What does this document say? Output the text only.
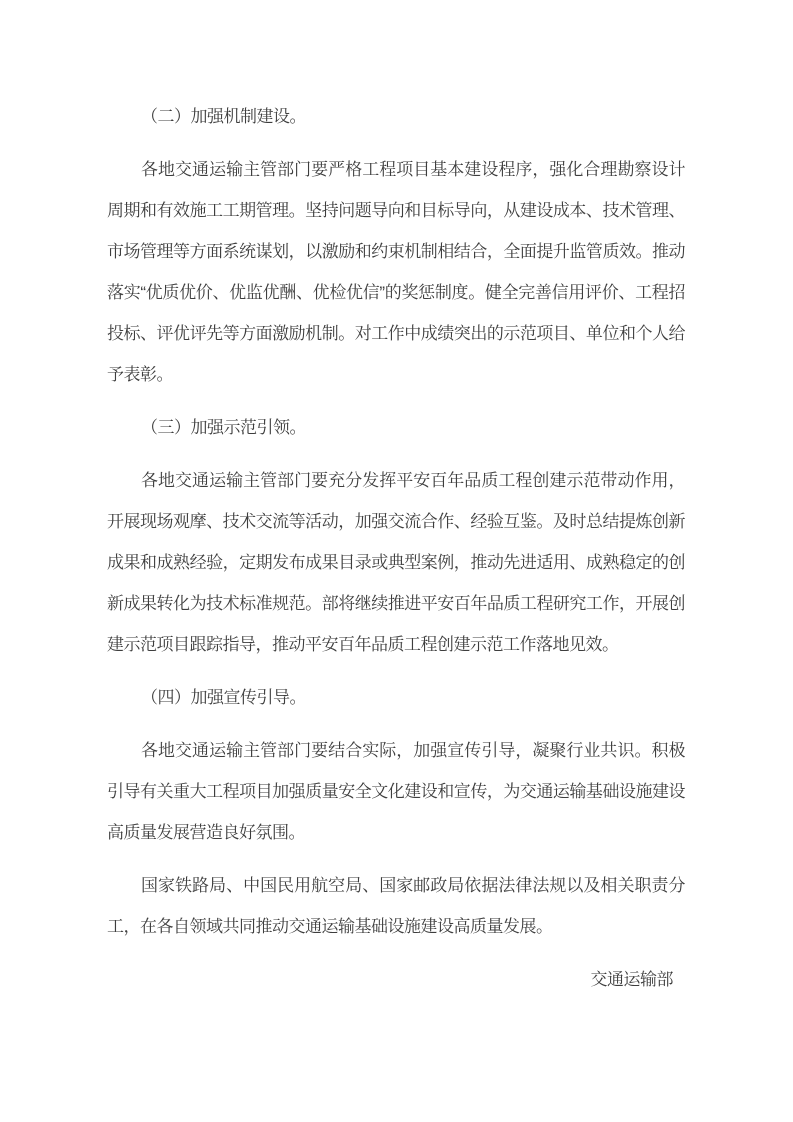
（二）加强机制建设。

各地交通运输主管部门要严格工程项目基本建设程序，强化合理勘察设计周期和有效施工工期管理。坚持问题导向和目标导向，从建设成本、技术管理、市场管理等方面系统谋划，以激励和约束机制相结合，全面提升监管质效。推动落实“优质优价、优监优酬、优检优信”的奖惩制度。健全完善信用评价、工程招投标、评优评先等方面激励机制。对工作中成绩突出的示范项目、单位和个人给予表彰。

（三）加强示范引领。

各地交通运输主管部门要充分发挥平安百年品质工程创建示范带动作用，开展现场观摩、技术交流等活动，加强交流合作、经验互鉴。及时总结提炼创新成果和成熟经验，定期发布成果目录或典型案例，推动先进适用、成熟稳定的创新成果转化为技术标准规范。部将继续推进平安百年品质工程研究工作，开展创建示范项目跟踪指导，推动平安百年品质工程创建示范工作落地见效。

（四）加强宣传引导。

各地交通运输主管部门要结合实际，加强宣传引导，凝聚行业共识。积极引导有关重大工程项目加强质量安全文化建设和宣传，为交通运输基础设施建设高质量发展营造良好氛围。

国家铁路局、中国民用航空局、国家邮政局依据法律法规以及相关职责分工，在各自领域共同推动交通运输基础设施建设高质量发展。

交通运输部
